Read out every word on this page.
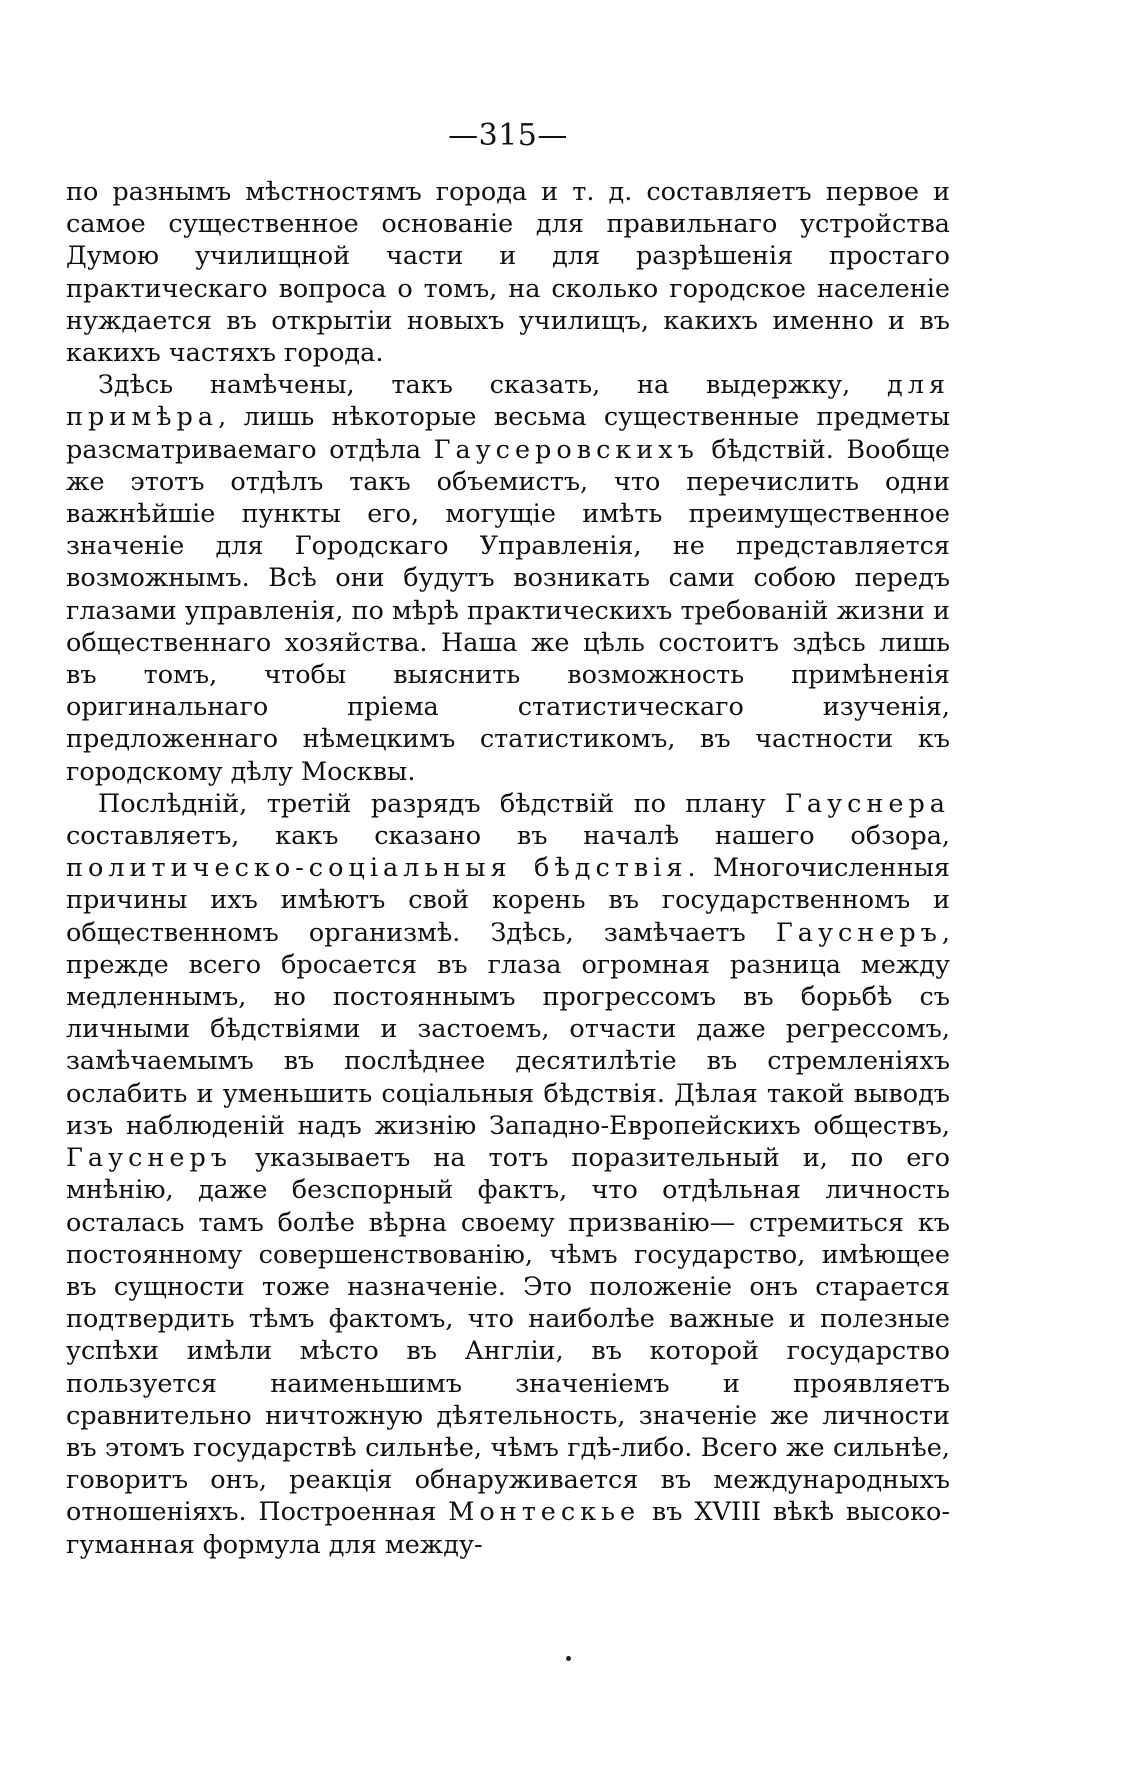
—315—

по разнымъ мѣстностямъ города и т. д. составляетъ первое и самое существенное основаніе для правильнаго устройства Думою училищной части и для разрѣшенія простаго практическаго вопроса о томъ, на сколько городское населеніе нуждается въ открытіи новыхъ училищъ, какихъ именно и въ какихъ частяхъ города.

Здѣсь намѣчены, такъ сказать, на выдержку, для примѣра, лишь нѣкоторые весьма существенные предметы разсматриваемаго отдѣла Гаусеровскихъ бѣдствій. Вообще же этотъ отдѣлъ такъ объемистъ, что перечислить одни важнѣйшіе пункты его, могущіе имѣть преимущественное значеніе для Городскаго Управленія, не представляется возможнымъ. Всѣ они будутъ возникать сами собою передъ глазами управленія, по мѣрѣ практическихъ требованій жизни и общественнаго хозяйства. Наша же цѣль состоитъ здѣсь лишь въ томъ, чтобы выяснить возможность примѣненія оригинальнаго пріема статистическаго изученія, предложеннаго нѣмецкимъ статистикомъ, въ частности къ городскому дѣлу Москвы.

Послѣдній, третій разрядъ бѣдствій по плану Гауснера составляетъ, какъ сказано въ началѣ нашего обзора, политическо-соціальныя бѣдствія. Многочисленныя причины ихъ имѣютъ свой корень въ государственномъ и общественномъ организмѣ. Здѣсь, замѣчаетъ Гауснеръ, прежде всего бросается въ глаза огромная разница между медленнымъ, но постояннымъ прогрессомъ въ борьбѣ съ личными бѣдствіями и застоемъ, отчасти даже регрессомъ, замѣчаемымъ въ послѣднее десятилѣтіе въ стремленіяхъ ослабить и уменьшить соціальныя бѣдствія. Дѣлая такой выводъ изъ наблюденій надъ жизнію Западно-Европейскихъ обществъ, Гауснеръ указываетъ на тотъ поразительный и, по его мнѣнію, даже безспорный фактъ, что отдѣльная личность осталась тамъ болѣе вѣрна своему призванію— стремиться къ постоянному совершенствованію, чѣмъ государство, имѣющее въ сущности тоже назначеніе. Это положеніе онъ старается подтвердить тѣмъ фактомъ, что наиболѣе важные и полезные успѣхи имѣли мѣсто въ Англіи, въ которой государство пользуется наименьшимъ значеніемъ и проявляетъ сравнительно ничтожную дѣятельность, значеніе же личности въ этомъ государствѣ сильнѣе, чѣмъ гдѣ-либо. Всего же сильнѣе, говоритъ онъ, реакція обнаруживается въ международныхъ отношеніяхъ. Построенная Монтескье въ XVIII вѣкѣ высоко-гуманная формула для между-
